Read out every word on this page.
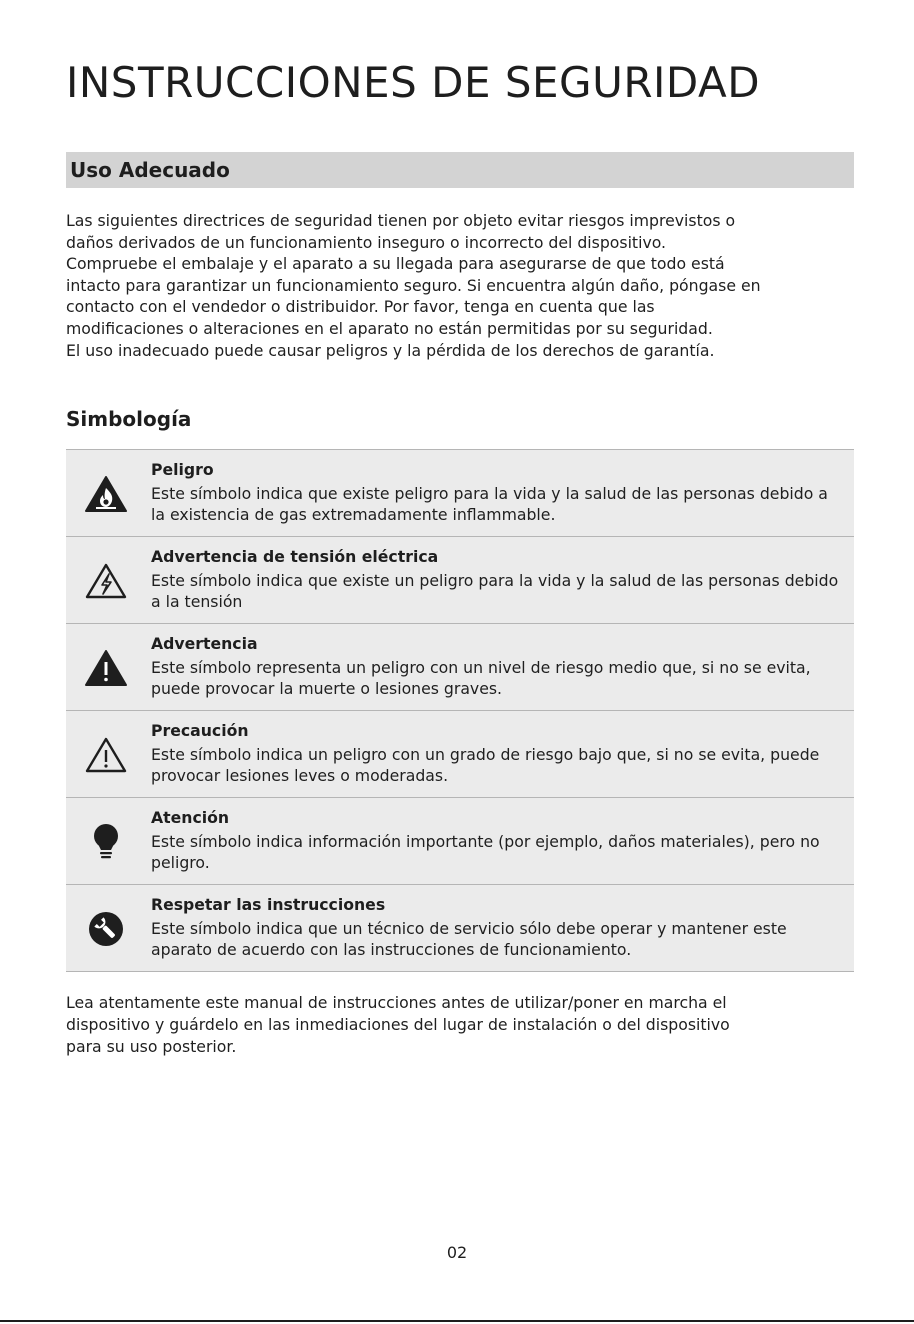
INSTRUCCIONES DE SEGURIDAD
Uso Adecuado
Las siguientes directrices de seguridad tienen por objeto evitar riesgos imprevistos o
daños derivados de un funcionamiento inseguro o incorrecto del dispositivo.
Compruebe el embalaje y el aparato a su llegada para asegurarse de que todo está
intacto para garantizar un funcionamiento seguro. Si encuentra algún daño, póngase en
contacto con el vendedor o distribuidor. Por favor, tenga en cuenta que las
modificaciones o alteraciones en el aparato no están permitidas por su seguridad.
El uso inadecuado puede causar peligros y la pérdida de los derechos de garantía.
Simbología
Peligro
Este símbolo indica que existe peligro para la vida y la salud de las personas debido a la existencia de gas extremadamente inflammable.
Advertencia de tensión eléctrica
Este símbolo indica que existe un peligro para la vida y la salud de las personas debido a la tensión
Advertencia
Este símbolo representa un peligro con un nivel de riesgo medio que, si no se evita, puede provocar la muerte o lesiones graves.
Precaución
Este símbolo indica un peligro con un grado de riesgo bajo que, si no se evita, puede provocar lesiones leves o moderadas.
Atención
Este símbolo indica información importante (por ejemplo, daños materiales), pero no peligro.
Respetar las instrucciones
Este símbolo indica que un técnico de servicio sólo debe operar y mantener este aparato de acuerdo con las instrucciones de funcionamiento.
Lea atentamente este manual de instrucciones antes de utilizar/poner en marcha el
dispositivo y guárdelo en las inmediaciones del lugar de instalación o del dispositivo
para su uso posterior.
02
